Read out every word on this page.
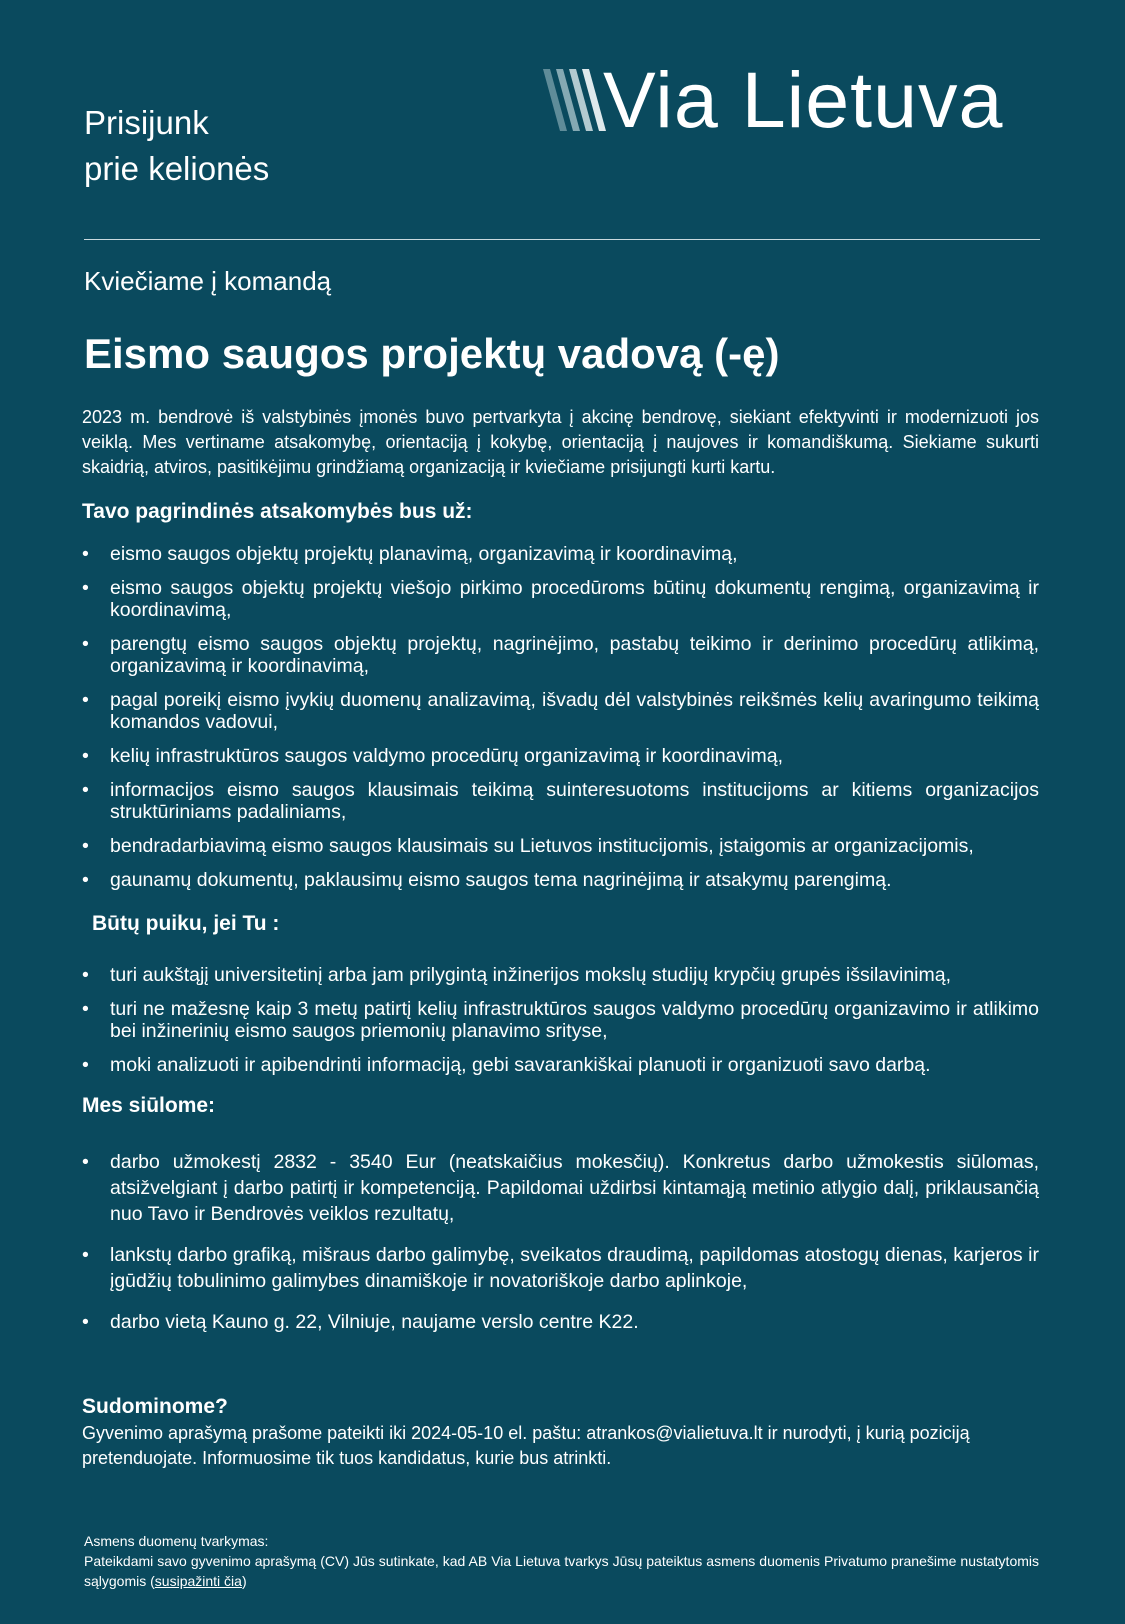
Prisijunk
prie kelionės
Via Lietuva
Kviečiame į komandą
Eismo saugos projektų vadovą (-ę)
2023 m. bendrovė iš valstybinės įmonės buvo pertvarkyta į akcinę bendrovę, siekiant efektyvinti ir modernizuoti jos veiklą. Mes vertiname atsakomybę, orientaciją į kokybę, orientaciją į naujoves ir komandiškumą. Siekiame sukurti skaidrią, atviros, pasitikėjimu grindžiamą organizaciją ir kviečiame prisijungti kurti kartu.
Tavo pagrindinės atsakomybės bus už:
• eismo saugos objektų projektų planavimą, organizavimą ir koordinavimą,
• eismo saugos objektų projektų viešojo pirkimo procedūroms būtinų dokumentų rengimą, organizavimą ir koordinavimą,
• parengtų eismo saugos objektų projektų, nagrinėjimo, pastabų teikimo ir derinimo procedūrų atlikimą, organizavimą ir koordinavimą,
• pagal poreikį eismo įvykių duomenų analizavimą, išvadų dėl valstybinės reikšmės kelių avaringumo teikimą komandos vadovui,
• kelių infrastruktūros saugos valdymo procedūrų organizavimą ir koordinavimą,
• informacijos eismo saugos klausimais teikimą suinteresuotoms institucijoms ar kitiems organizacijos struktūriniams padaliniams,
• bendradarbiavimą eismo saugos klausimais su Lietuvos institucijomis, įstaigomis ar organizacijomis,
• gaunamų dokumentų, paklausimų eismo saugos tema nagrinėjimą ir atsakymų parengimą.
Būtų puiku, jei Tu :
• turi aukštąjį universitetinį arba jam prilygintą inžinerijos mokslų studijų krypčių grupės išsilavinimą,
• turi ne mažesnę kaip 3 metų patirtį kelių infrastruktūros saugos valdymo procedūrų organizavimo ir atlikimo bei inžinerinių eismo saugos priemonių planavimo srityse,
• moki analizuoti ir apibendrinti informaciją, gebi savarankiškai planuoti ir organizuoti savo darbą.
Mes siūlome:
• darbo užmokestį 2832 - 3540 Eur (neatskaičius mokesčių). Konkretus darbo užmokestis siūlomas, atsižvelgiant į darbo patirtį ir kompetenciją. Papildomai uždirbsi kintamąją metinio atlygio dalį, priklausančią nuo Tavo ir Bendrovės veiklos rezultatų,
• lankstų darbo grafiką, mišraus darbo galimybę, sveikatos draudimą, papildomas atostogų dienas, karjeros ir įgūdžių tobulinimo galimybes dinamiškoje ir novatoriškoje darbo aplinkoje,
• darbo vietą Kauno g. 22, Vilniuje, naujame verslo centre K22.
Sudominome?
Gyvenimo aprašymą prašome pateikti iki 2024-05-10 el. paštu: atrankos@vialietuva.lt ir nurodyti, į kurią poziciją pretenduojate. Informuosime tik tuos kandidatus, kurie bus atrinkti.
Asmens duomenų tvarkymas:
Pateikdami savo gyvenimo aprašymą (CV) Jūs sutinkate, kad AB Via Lietuva tvarkys Jūsų pateiktus asmens duomenis Privatumo pranešime nustatytomis sąlygomis (susipažinti čia)
